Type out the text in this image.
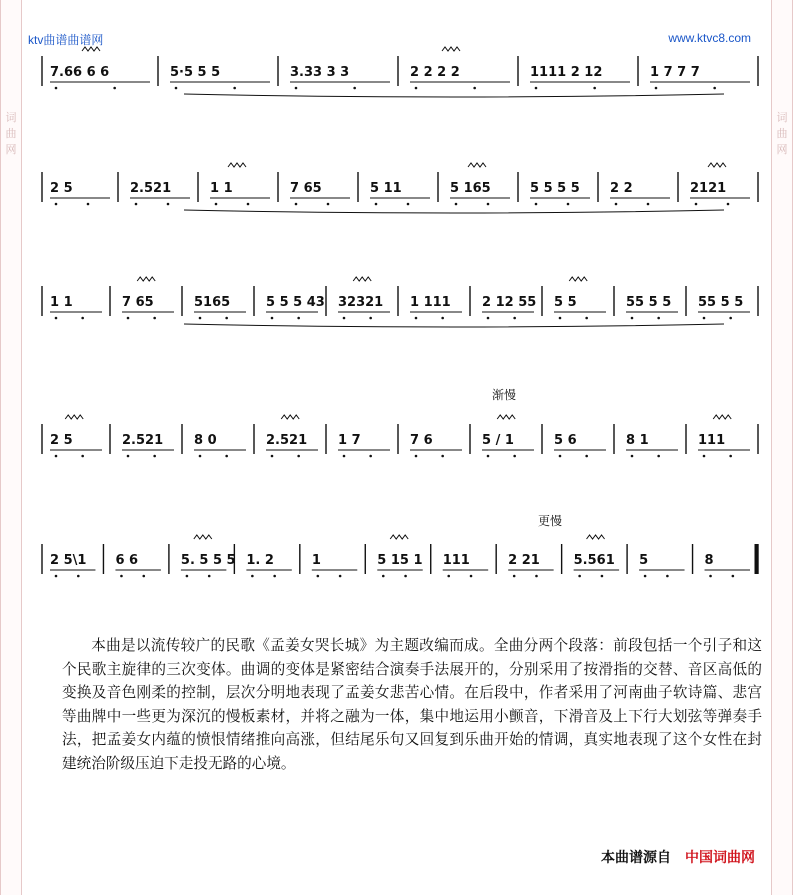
词
曲
网
词
曲
网
ktv曲谱曲谱网	www.ktvc8.com
渐慢
更慢
7.66 6 6	5·5 5 5	3.33 3 3	2 2 2 2	1111 2 12	1 7 7 7
2 5	2.521	1 1	7 65	5 11	5 165	5 5 5 5 2 2	2121
1 1	7 65	5165	5 5 5 43 32321 1 111 2 12 55 5 5	55 5 5 55 5 5
2 5	2.521 8 0	2.521 1 7	7 6	5 / 1	5 6	8 1	111
2 5\1 6 6	5. 5 5 5 1. 2	1	5 15 1 111	2 21	5.561 5	8
本曲是以流传较广的民歌《孟姜女哭长城》为主题改编而成。全曲分两个段落：前段包括一个引子和这个民歌主旋律的三次变体。曲调的变体是紧密结合演奏手法展开的，分别采用了按滑指的交替、音区高低的变换及音色刚柔的控制，层次分明地表现了孟姜女悲苦心情。在后段中，作者采用了河南曲子软诗篇、悲宫等曲牌中一些更为深沉的慢板素材，并将之融为一体，集中地运用小颤音，下滑音及上下行大划弦等弹奏手法，把孟姜女内蕴的愤恨情绪推向高涨，但结尾乐句又回复到乐曲开始的情调，真实地表现了这个女性在封建统治阶级压迫下走投无路的心境。
本曲谱源自 中国词曲网
